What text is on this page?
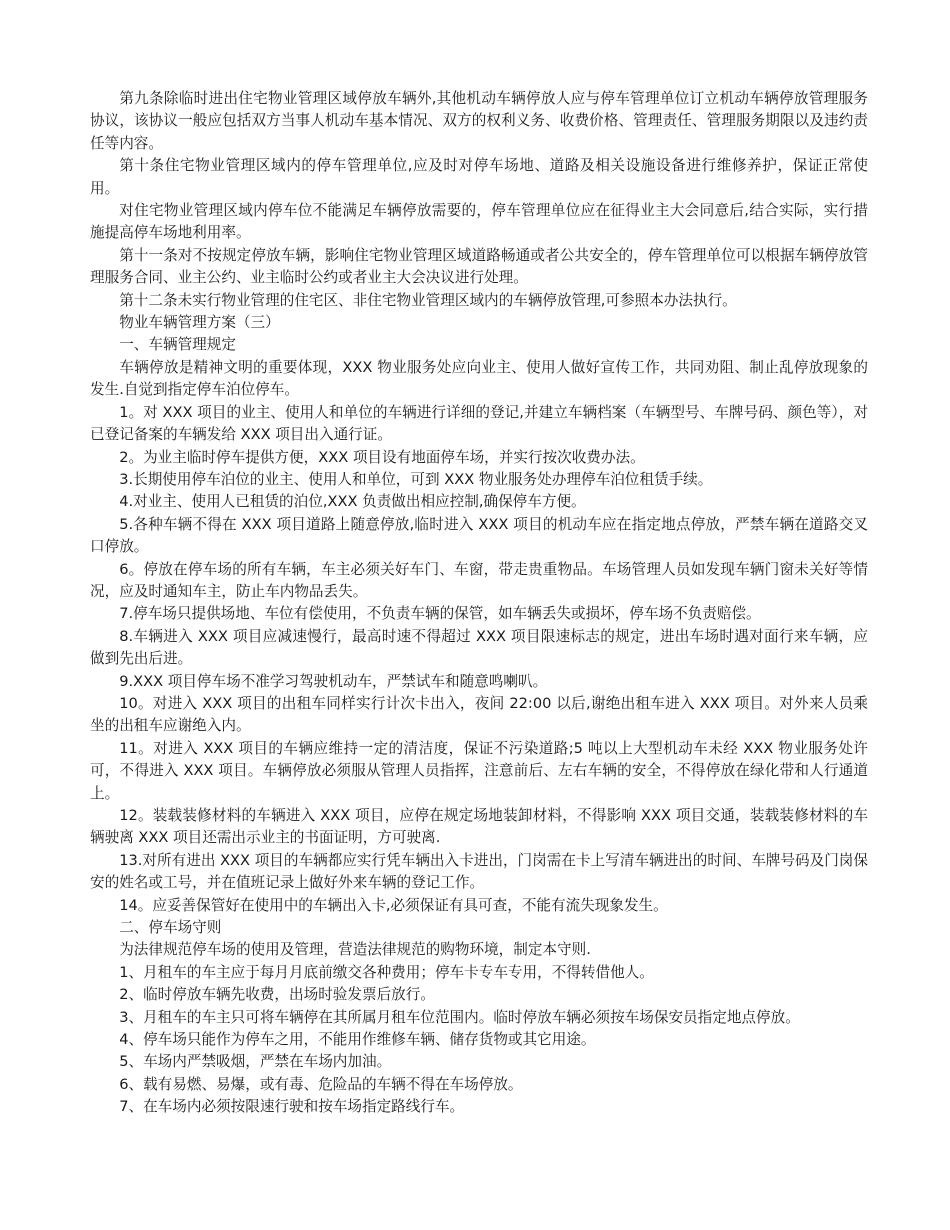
第九条除临时进出住宅物业管理区域停放车辆外,其他机动车辆停放人应与停车管理单位订立机动车辆停放管理服务协议，该协议一般应包括双方当事人机动车基本情况、双方的权利义务、收费价格、管理责任、管理服务期限以及违约责任等内容。

第十条住宅物业管理区域内的停车管理单位,应及时对停车场地、道路及相关设施设备进行维修养护，保证正常使用。

对住宅物业管理区域内停车位不能满足车辆停放需要的，停车管理单位应在征得业主大会同意后,结合实际，实行措施提高停车场地利用率。

第十一条对不按规定停放车辆，影响住宅物业管理区域道路畅通或者公共安全的，停车管理单位可以根据车辆停放管理服务合同、业主公约、业主临时公约或者业主大会决议进行处理。

第十二条未实行物业管理的住宅区、非住宅物业管理区域内的车辆停放管理,可参照本办法执行。

物业车辆管理方案（三）

一、车辆管理规定

车辆停放是精神文明的重要体现，XXX 物业服务处应向业主、使用人做好宣传工作，共同劝阻、制止乱停放现象的发生.自觉到指定停车泊位停车。

1。对 XXX 项目的业主、使用人和单位的车辆进行详细的登记,并建立车辆档案（车辆型号、车牌号码、颜色等），对已登记备案的车辆发给 XXX 项目出入通行证。

2。为业主临时停车提供方便，XXX 项目设有地面停车场，并实行按次收费办法。

3.长期使用停车泊位的业主、使用人和单位，可到 XXX 物业服务处办理停车泊位租赁手续。

4.对业主、使用人已租赁的泊位,XXX 负责做出相应控制,确保停车方便。

5.各种车辆不得在 XXX 项目道路上随意停放,临时进入 XXX 项目的机动车应在指定地点停放，严禁车辆在道路交叉口停放。

6。停放在停车场的所有车辆，车主必须关好车门、车窗，带走贵重物品。车场管理人员如发现车辆门窗未关好等情况，应及时通知车主，防止车内物品丢失。

7.停车场只提供场地、车位有偿使用，不负责车辆的保管，如车辆丢失或损坏，停车场不负责赔偿。

8.车辆进入 XXX 项目应减速慢行，最高时速不得超过 XXX 项目限速标志的规定，进出车场时遇对面行来车辆，应做到先出后进。

9.XXX 项目停车场不准学习驾驶机动车，严禁试车和随意鸣喇叭。

10。对进入 XXX 项目的出租车同样实行计次卡出入，夜间 22:00 以后,谢绝出租车进入 XXX 项目。对外来人员乘坐的出租车应谢绝入内。

11。对进入 XXX 项目的车辆应维持一定的清洁度，保证不污染道路;5 吨以上大型机动车未经 XXX 物业服务处许可，不得进入 XXX 项目。车辆停放必须服从管理人员指挥，注意前后、左右车辆的安全，不得停放在绿化带和人行通道上。

12。装载装修材料的车辆进入 XXX 项目，应停在规定场地装卸材料，不得影响 XXX 项目交通，装载装修材料的车辆驶离 XXX 项目还需出示业主的书面证明，方可驶离.

13.对所有进出 XXX 项目的车辆都应实行凭车辆出入卡进出，门岗需在卡上写清车辆进出的时间、车牌号码及门岗保安的姓名或工号，并在值班记录上做好外来车辆的登记工作。

14。应妥善保管好在使用中的车辆出入卡,必须保证有具可查，不能有流失现象发生。

二、停车场守则

为法律规范停车场的使用及管理，营造法律规范的购物环境，制定本守则.

1、月租车的车主应于每月月底前缴交各种费用；停车卡专车专用，不得转借他人。

2、临时停放车辆先收费，出场时验发票后放行。

3、月租车的车主只可将车辆停在其所属月租车位范围内。临时停放车辆必须按车场保安员指定地点停放。

4、停车场只能作为停车之用，不能用作维修车辆、储存货物或其它用途。

5、车场内严禁吸烟，严禁在车场内加油。

6、载有易燃、易爆，或有毒、危险品的车辆不得在车场停放。

7、在车场内必须按限速行驶和按车场指定路线行车。
